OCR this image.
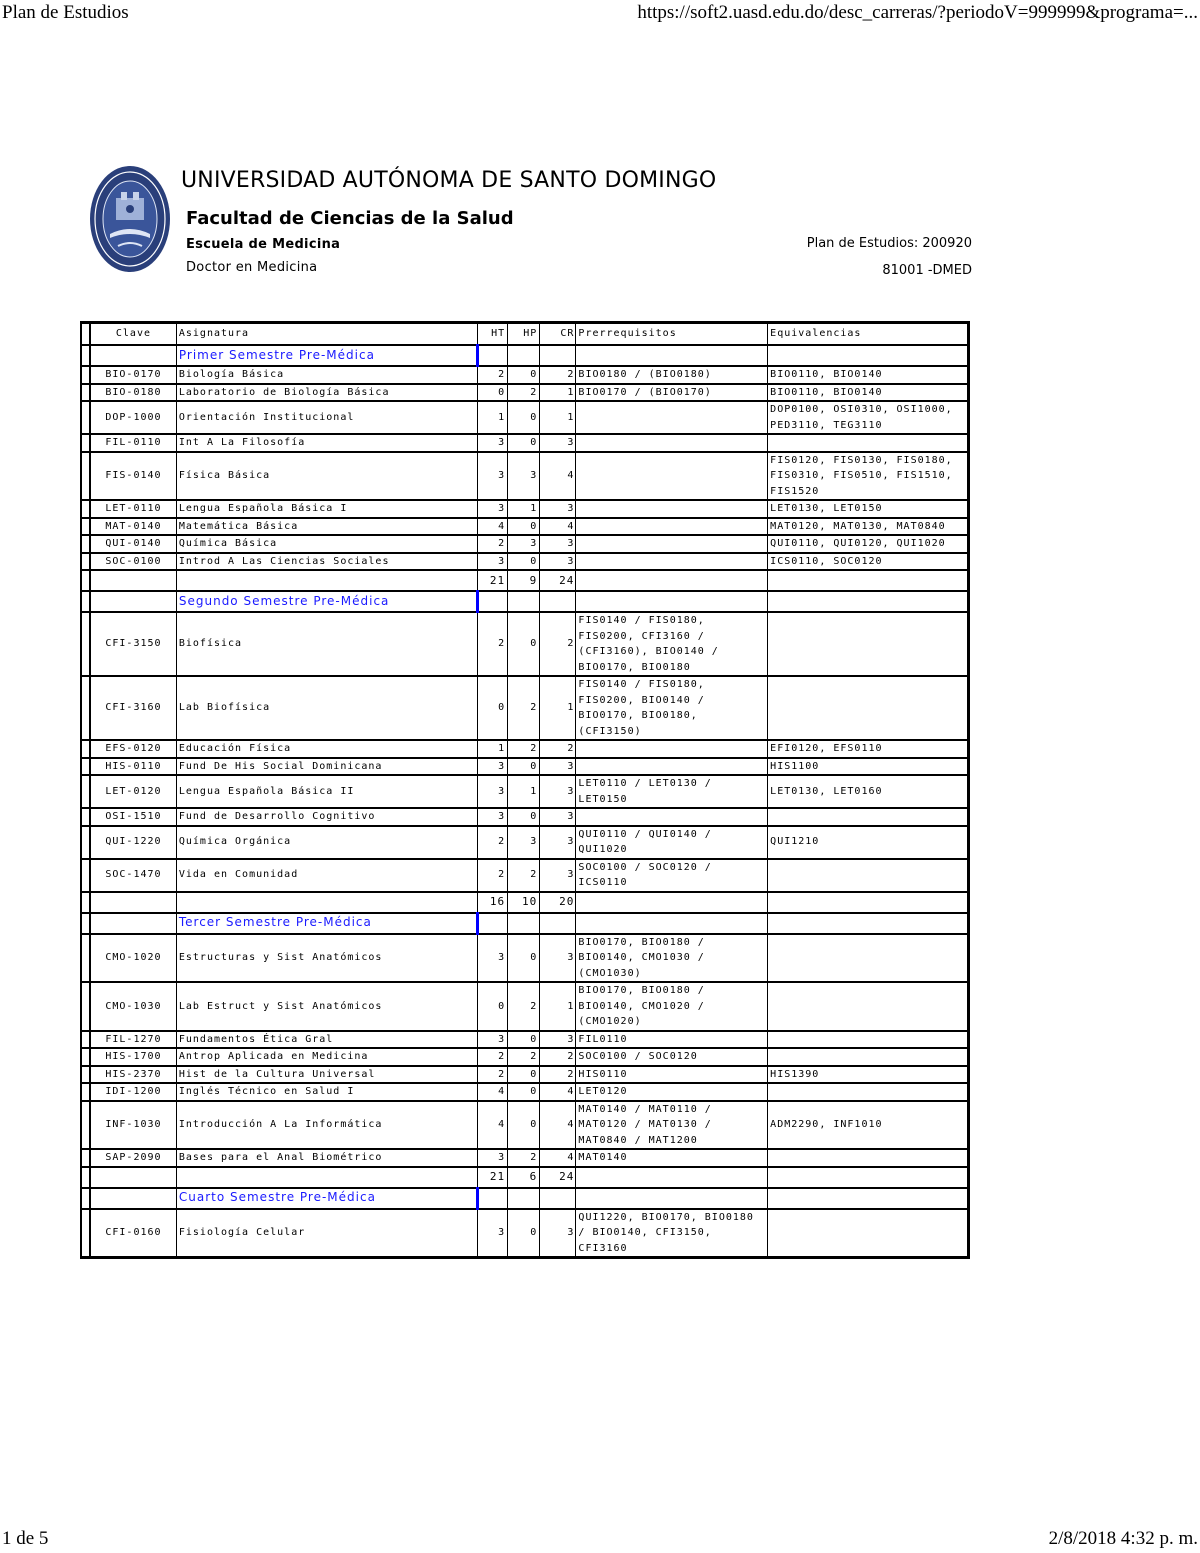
Plan de Estudios	https://soft2.uasd.edu.do/desc_carreras/?periodoV=999999&programa=...
UNIVERSIDAD AUTÓNOMA DE SANTO DOMINGO
Facultad de Ciencias de la Salud
Escuela de Medicina
Doctor en Medicina
Plan de Estudios: 200920
81001 -DMED
	Clave	Asignatura	HT	HP	CR	Prerrequisitos	Equivalencias
		Primer Semestre Pre-Médica					
	BIO-0170	Biología Básica	2	0	2	BIO0180 / (BIO0180)	BIO0110, BIO0140
	BIO-0180	Laboratorio de Biología Básica	0	2	1	BIO0170 / (BIO0170)	BIO0110, BIO0140
	DOP-1000	Orientación Institucional	1	0	1		DOP0100, OSI0310, OSI1000, PED3110, TEG3110
	FIL-0110	Int A La Filosofía	3	0	3		
	FIS-0140	Física Básica	3	3	4		FIS0120, FIS0130, FIS0180, FIS0310, FIS0510, FIS1510, FIS1520
	LET-0110	Lengua Española Básica I	3	1	3		LET0130, LET0150
	MAT-0140	Matemática Básica	4	0	4		MAT0120, MAT0130, MAT0840
	QUI-0140	Química Básica	2	3	3		QUI0110, QUI0120, QUI1020
	SOC-0100	Introd A Las Ciencias Sociales	3	0	3		ICS0110, SOC0120
			21	9	24		
		Segundo Semestre Pre-Médica					
	CFI-3150	Biofísica	2	0	2	FIS0140 / FIS0180, FIS0200, CFI3160 / (CFI3160), BIO0140 / BIO0170, BIO0180	
	CFI-3160	Lab Biofísica	0	2	1	FIS0140 / FIS0180, FIS0200, BIO0140 / BIO0170, BIO0180, (CFI3150)	
	EFS-0120	Educación Física	1	2	2		EFI0120, EFS0110
	HIS-0110	Fund De His Social Dominicana	3	0	3		HIS1100
	LET-0120	Lengua Española Básica II	3	1	3	LET0110 / LET0130 / LET0150	LET0130, LET0160
	OSI-1510	Fund de Desarrollo Cognitivo	3	0	3		
	QUI-1220	Química Orgánica	2	3	3	QUI0110 / QUI0140 / QUI1020	QUI1210
	SOC-1470	Vida en Comunidad	2	2	3	SOC0100 / SOC0120 / ICS0110	
			16	10	20		
		Tercer Semestre Pre-Médica					
	CMO-1020	Estructuras y Sist Anatómicos	3	0	3	BIO0170, BIO0180 / BIO0140, CMO1030 / (CMO1030)	
	CMO-1030	Lab Estruct y Sist Anatómicos	0	2	1	BIO0170, BIO0180 / BIO0140, CMO1020 / (CMO1020)	
	FIL-1270	Fundamentos Ética Gral	3	0	3	FIL0110	
	HIS-1700	Antrop Aplicada en Medicina	2	2	2	SOC0100 / SOC0120	
	HIS-2370	Hist de la Cultura Universal	2	0	2	HIS0110	HIS1390
	IDI-1200	Inglés Técnico en Salud I	4	0	4	LET0120	
	INF-1030	Introducción A La Informática	4	0	4	MAT0140 / MAT0110 / MAT0120 / MAT0130 / MAT0840 / MAT1200	ADM2290, INF1010
	SAP-2090	Bases para el Anal Biométrico	3	2	4	MAT0140	
			21	6	24		
		Cuarto Semestre Pre-Médica					
	CFI-0160	Fisiología Celular	3	0	3	QUI1220, BIO0170, BIO0180 / BIO0140, CFI3150, CFI3160	
1 de 5	2/8/2018 4:32 p. m.
